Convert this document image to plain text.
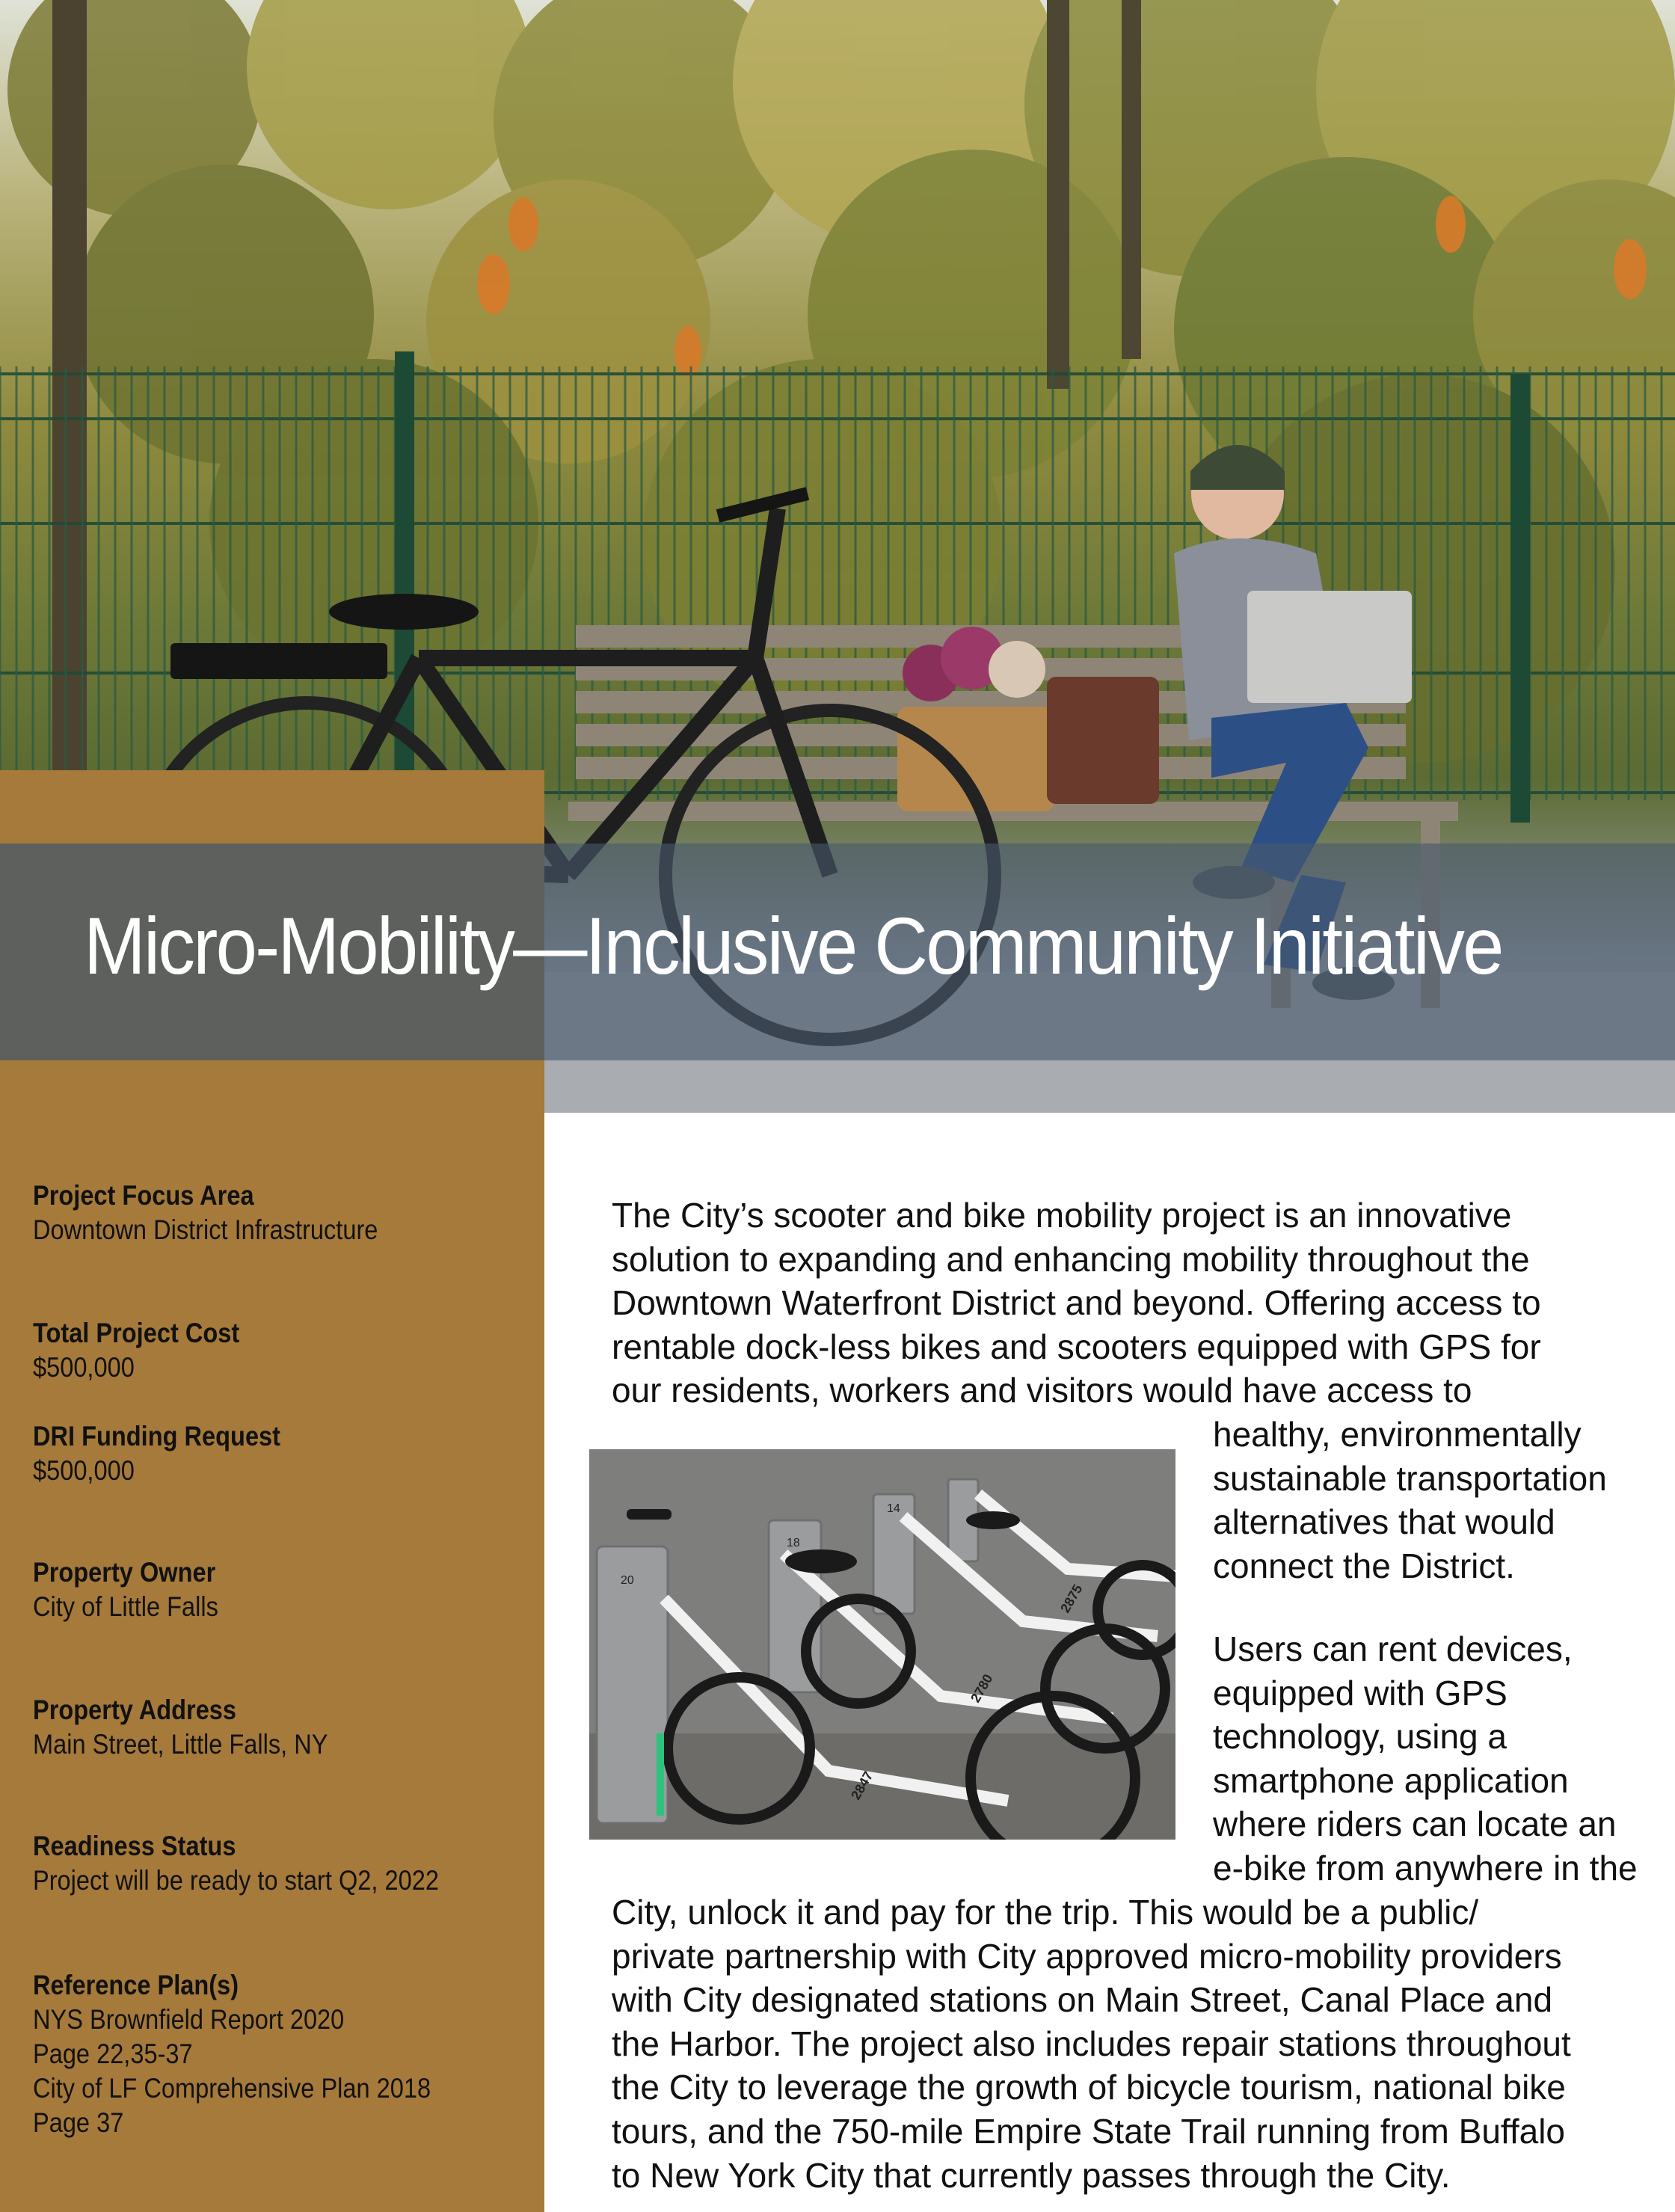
Micro-Mobility—Inclusive Community Initiative
Project Focus Area
Downtown District Infrastructure
Total Project Cost
$500,000
DRI Funding Request
$500,000
Property Owner
City of Little Falls
Property Address
Main Street, Little Falls, NY
Readiness Status
Project will be ready to start Q2, 2022
Reference Plan(s)
NYS Brownfield Report 2020
Page 22,35-37
City of LF Comprehensive Plan 2018
Page 37
The City’s scooter and bike mobility project is an innovative
solution to expanding and enhancing mobility throughout the
Downtown Waterfront District and beyond. Offering access to
rentable dock-less bikes and scooters equipped with GPS for
our residents, workers and visitors would have access to
healthy, environmentally
sustainable transportation
alternatives that would
connect the District.
Users can rent devices,
equipped with GPS
technology, using a
smartphone application
where riders can locate an
e-bike from anywhere in the
City, unlock it and pay for the trip. This would be a public/
private partnership with City approved micro-mobility providers
with City designated stations on Main Street, Canal Place and
the Harbor. The project also includes repair stations throughout
the City to leverage the growth of bicycle tourism, national bike
tours, and the 750-mile Empire State Trail running from Buffalo
to New York City that currently passes through the City.
20
18
14
2847
2780
2875
